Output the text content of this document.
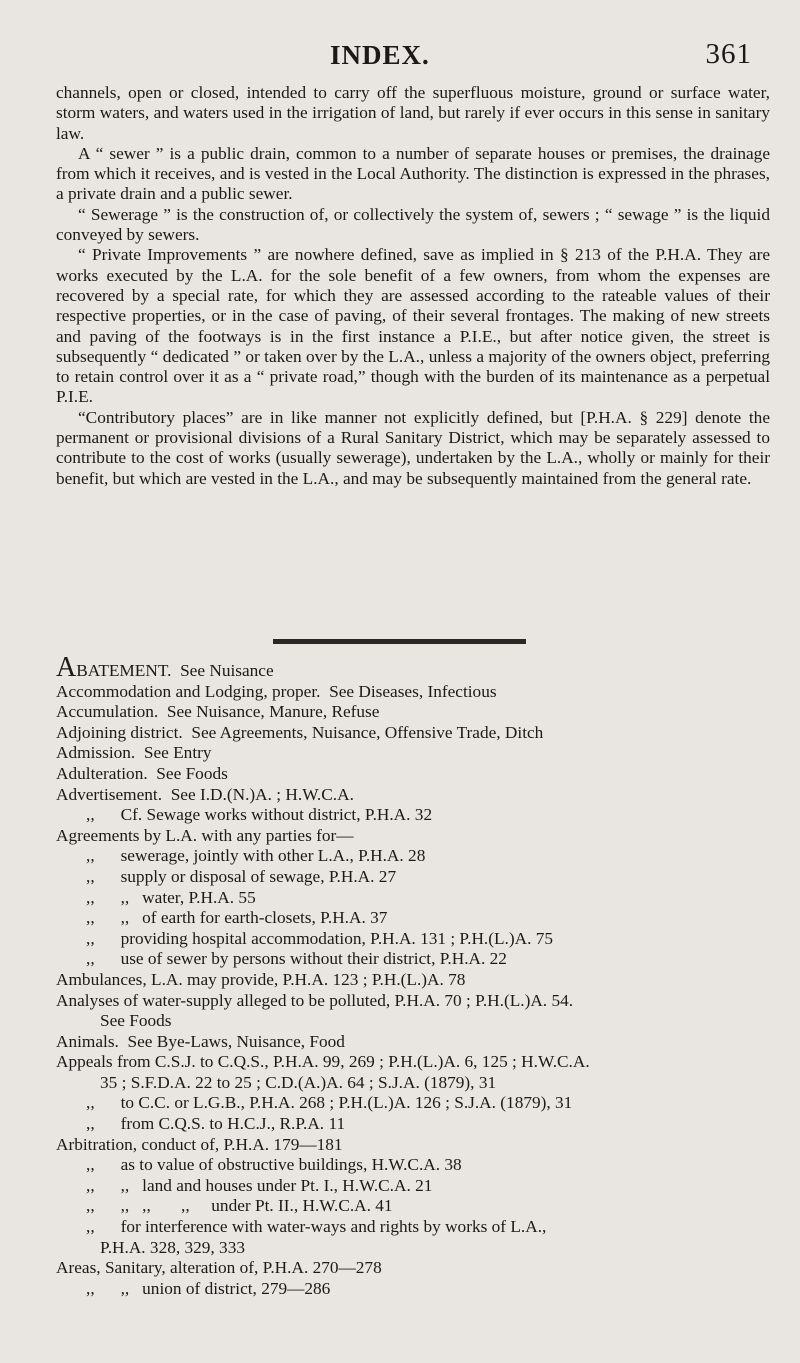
INDEX.	361

channels, open or closed, intended to carry off the superfluous moisture, ground or surface water, storm waters, and waters used in the irrigation of land, but rarely if ever occurs in this sense in sanitary law.

A “ sewer ” is a public drain, common to a number of separate houses or premises, the drainage from which it receives, and is vested in the Local Authority. The distinction is expressed in the phrases, a private drain and a public sewer.

“ Sewerage ” is the construction of, or collectively the system of, sewers ; “ sewage ” is the liquid conveyed by sewers.

“ Private Improvements ” are nowhere defined, save as implied in § 213 of the P.H.A. They are works executed by the L.A. for the sole benefit of a few owners, from whom the expenses are recovered by a special rate, for which they are assessed according to the rateable values of their respective properties, or in the case of paving, of their several frontages. The making of new streets and paving of the footways is in the first instance a P.I.E., but after notice given, the street is subsequently “ dedicated ” or taken over by the L.A., unless a majority of the owners object, preferring to retain control over it as a “ private road,” though with the burden of its maintenance as a perpetual P.I.E.

“Contributory places” are in like manner not explicitly defined, but [P.H.A. § 229] denote the permanent or provisional divisions of a Rural Sanitary District, which may be separately assessed to contribute to the cost of works (usually sewerage), undertaken by the L.A., wholly or mainly for their benefit, but which are vested in the L.A., and may be subsequently maintained from the general rate.

ABATEMENT.  See Nuisance
Accommodation and Lodging, proper.  See Diseases, Infectious
Accumulation.  See Nuisance, Manure, Refuse
Adjoining district.  See Agreements, Nuisance, Offensive Trade, Ditch
Admission.  See Entry
Adulteration.  See Foods
Advertisement.  See I.D.(N.)A. ; H.W.C.A.
,,      Cf. Sewage works without district, P.H.A. 32
Agreements by L.A. with any parties for—
,,      sewerage, jointly with other L.A., P.H.A. 28
,,      supply or disposal of sewage, P.H.A. 27
,,      ,,   water, P.H.A. 55
,,      ,,   of earth for earth-closets, P.H.A. 37
,,      providing hospital accommodation, P.H.A. 131 ; P.H.(L.)A. 75
,,      use of sewer by persons without their district, P.H.A. 22
Ambulances, L.A. may provide, P.H.A. 123 ; P.H.(L.)A. 78
Analyses of water-supply alleged to be polluted, P.H.A. 70 ; P.H.(L.)A. 54.
See Foods
Animals.  See Bye-Laws, Nuisance, Food
Appeals from C.S.J. to C.Q.S., P.H.A. 99, 269 ; P.H.(L.)A. 6, 125 ; H.W.C.A.
35 ; S.F.D.A. 22 to 25 ; C.D.(A.)A. 64 ; S.J.A. (1879), 31
,,      to C.C. or L.G.B., P.H.A. 268 ; P.H.(L.)A. 126 ; S.J.A. (1879), 31
,,      from C.Q.S. to H.C.J., R.P.A. 11
Arbitration, conduct of, P.H.A. 179—181
,,      as to value of obstructive buildings, H.W.C.A. 38
,,      ,,   land and houses under Pt. I., H.W.C.A. 21
,,      ,,   ,,       ,,     under Pt. II., H.W.C.A. 41
,,      for interference with water-ways and rights by works of L.A.,
P.H.A. 328, 329, 333
Areas, Sanitary, alteration of, P.H.A. 270—278
,,      ,,   union of district, 279—286
